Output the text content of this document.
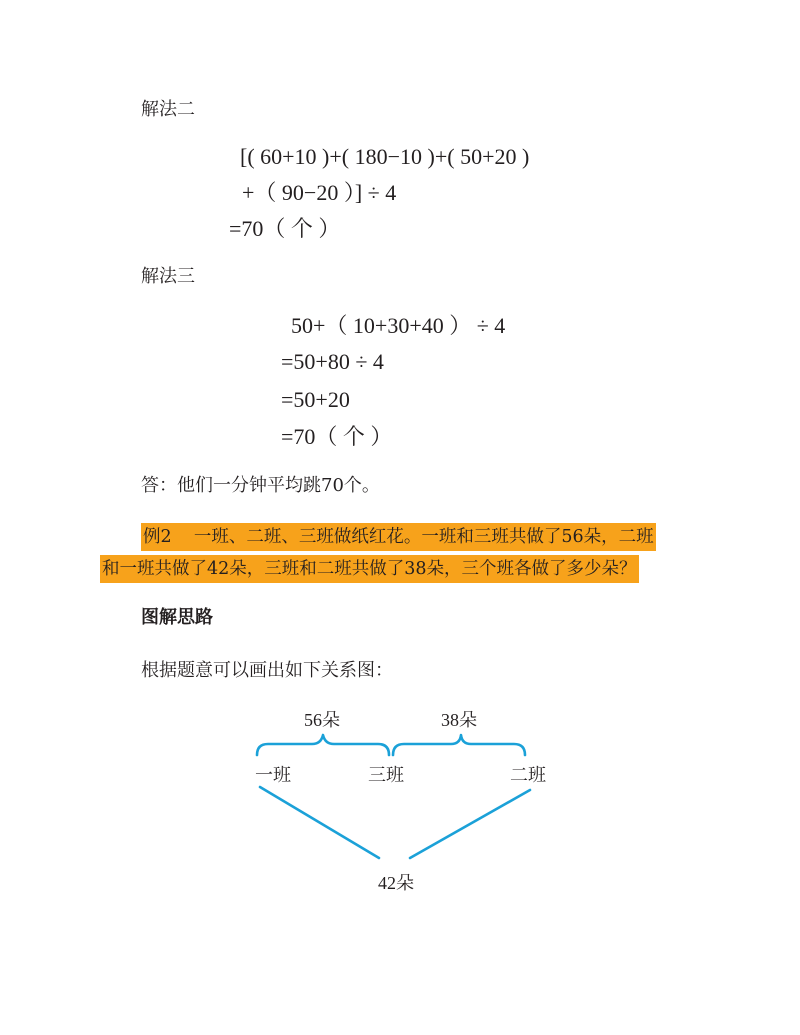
解法二
[( 60+10 )+( 180−10 )+( 50+20 )
+（ 90−20 ）] ÷ 4
=70（ 个 ）
解法三
50+（ 10+30+40 ） ÷ 4
=50+80 ÷ 4
=50+20
=70（ 个 ）
答：他们一分钟平均跳70个。
例2    一班、二班、三班做纸红花。一班和三班共做了56朵，二班
和一班共做了42朵，三班和二班共做了38朵，三个班各做了多少朵？
图解思路
根据题意可以画出如下关系图：
56朵	38朵
一班	三班	二班
42朵
